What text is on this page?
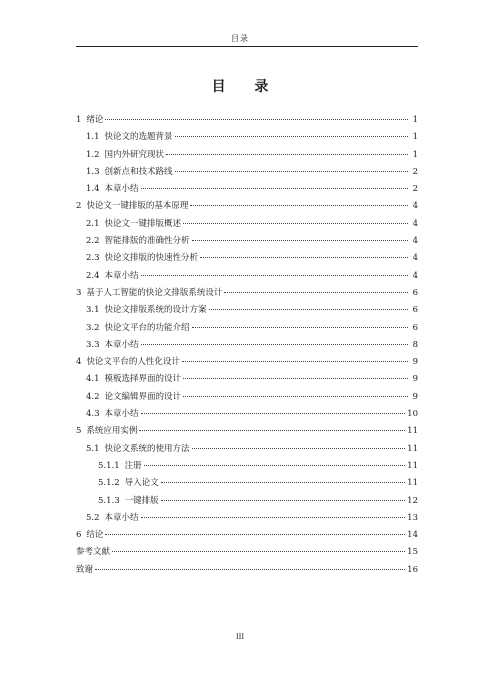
目录
目 录
1 绪论	1
1.1 快论文的选题背景	1
1.2 国内外研究现状	1
1.3 创新点和技术路线	2
1.4 本章小结	2
2 快论文一键排版的基本原理	4
2.1 快论文一键排版概述	4
2.2 智能排版的准确性分析	4
2.3 快论文排版的快速性分析	4
2.4 本章小结	4
3 基于人工智能的快论文排版系统设计	6
3.1 快论文排版系统的设计方案	6
3.2 快论文平台的功能介绍	6
3.3 本章小结	8
4 快论文平台的人性化设计	9
4.1 模板选择界面的设计	9
4.2 论文编辑界面的设计	9
4.3 本章小结	10
5 系统应用实例	11
5.1 快论文系统的使用方法	11
5.1.1 注册	11
5.1.2 导入论文	11
5.1.3 一键排版	12
5.2 本章小结	13
6 结论	14
参考文献	15
致谢	16
III
